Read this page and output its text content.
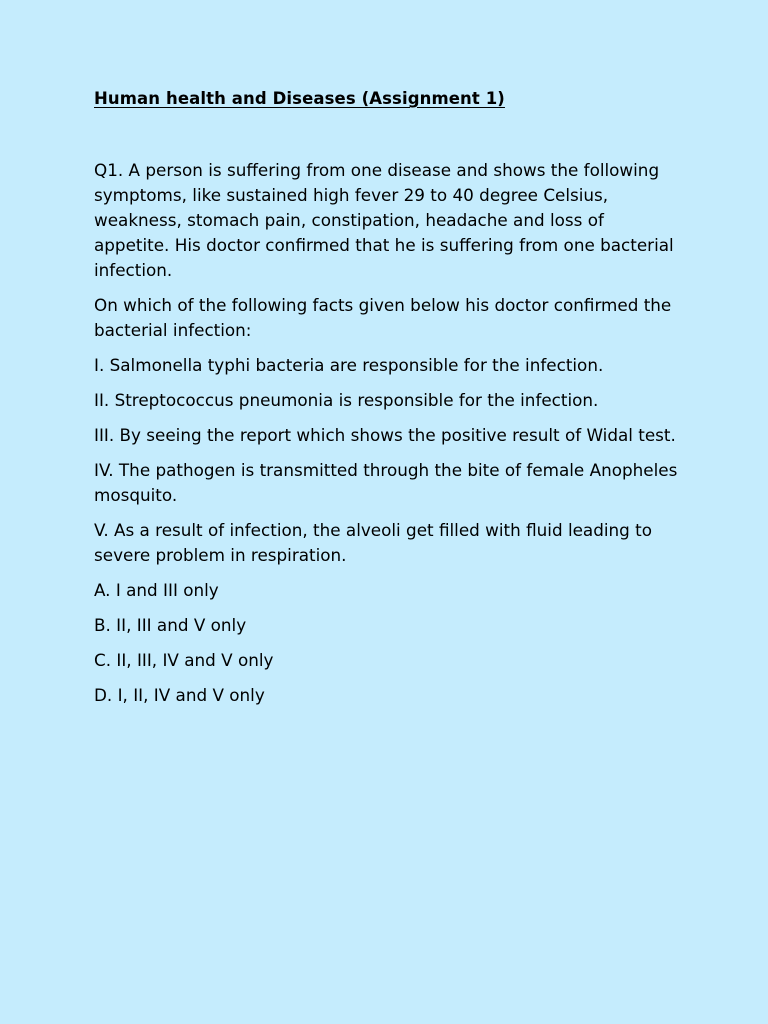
Human health and Diseases (Assignment 1)

Q1. A person is suffering from one disease and shows the following symptoms, like sustained high fever 29 to 40 degree Celsius, weakness, stomach pain, constipation, headache and loss of appetite. His doctor confirmed that he is suffering from one bacterial infection.

On which of the following facts given below his doctor confirmed the bacterial infection:

I. Salmonella typhi bacteria are responsible for the infection.

II. Streptococcus pneumonia is responsible for the infection.

III. By seeing the report which shows the positive result of Widal test.

IV. The pathogen is transmitted through the bite of female Anopheles mosquito.

V. As a result of infection, the alveoli get filled with fluid leading to severe problem in respiration.

A. I and III only

B. II, III and V only

C. II, III, IV and V only

D. I, II, IV and V only
